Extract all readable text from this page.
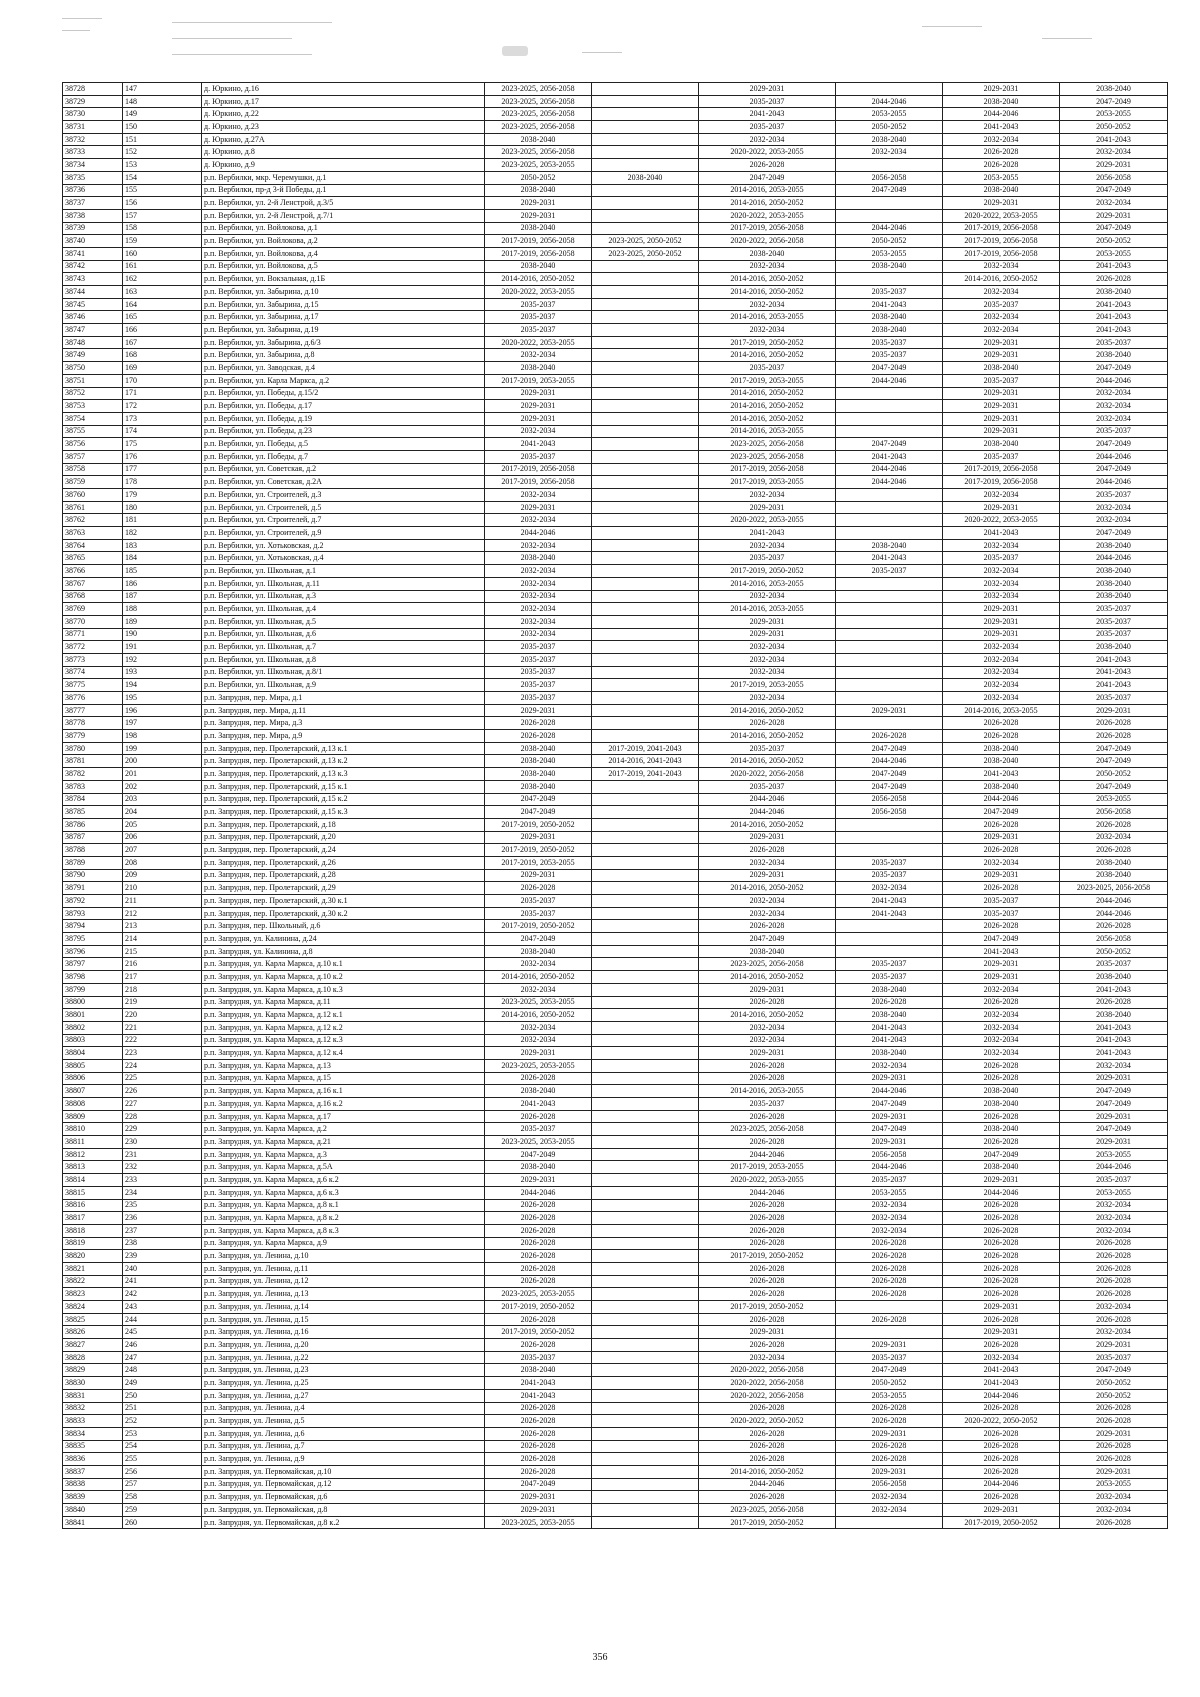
38728	147	д. Юркино, д.16	2023-2025, 2056-2058		2029-2031		2029-2031	2038-2040
38729	148	д. Юркино, д.17	2023-2025, 2056-2058		2035-2037	2044-2046	2038-2040	2047-2049
38730	149	д. Юркино, д.22	2023-2025, 2056-2058		2041-2043	2053-2055	2044-2046	2053-2055
38731	150	д. Юркино, д.23	2023-2025, 2056-2058		2035-2037	2050-2052	2041-2043	2050-2052
38732	151	д. Юркино, д.27А	2038-2040		2032-2034	2038-2040	2032-2034	2041-2043
38733	152	д. Юркино, д.8	2023-2025, 2056-2058		2020-2022, 2053-2055	2032-2034	2026-2028	2032-2034
38734	153	д. Юркино, д.9	2023-2025, 2053-2055		2026-2028		2026-2028	2029-2031
38735	154	р.п. Вербилки, мкр. Черемушки, д.1	2050-2052	2038-2040	2047-2049	2056-2058	2053-2055	2056-2058
38736	155	р.п. Вербилки, пр-д 3-й Победы, д.1	2038-2040		2014-2016, 2053-2055	2047-2049	2038-2040	2047-2049
38737	156	р.п. Вербилки, ул. 2-й Ленстрой, д.3/5	2029-2031		2014-2016, 2050-2052		2029-2031	2032-2034
38738	157	р.п. Вербилки, ул. 2-й Ленстрой, д.7/1	2029-2031		2020-2022, 2053-2055		2020-2022, 2053-2055	2029-2031
38739	158	р.п. Вербилки, ул. Войлокова, д.1	2038-2040		2017-2019, 2056-2058	2044-2046	2017-2019, 2056-2058	2047-2049
38740	159	р.п. Вербилки, ул. Войлокова, д.2	2017-2019, 2056-2058	2023-2025, 2050-2052	2020-2022, 2056-2058	2050-2052	2017-2019, 2056-2058	2050-2052
38741	160	р.п. Вербилки, ул. Войлокова, д.4	2017-2019, 2056-2058	2023-2025, 2050-2052	2038-2040	2053-2055	2017-2019, 2056-2058	2053-2055
38742	161	р.п. Вербилки, ул. Войлокова, д.5	2038-2040		2032-2034	2038-2040	2032-2034	2041-2043
38743	162	р.п. Вербилки, ул. Вокзальная, д.1Б	2014-2016, 2050-2052		2014-2016, 2050-2052		2014-2016, 2050-2052	2026-2028
38744	163	р.п. Вербилки, ул. Забырина, д.10	2020-2022, 2053-2055		2014-2016, 2050-2052	2035-2037	2032-2034	2038-2040
38745	164	р.п. Вербилки, ул. Забырина, д.15	2035-2037		2032-2034	2041-2043	2035-2037	2041-2043
38746	165	р.п. Вербилки, ул. Забырина, д.17	2035-2037		2014-2016, 2053-2055	2038-2040	2032-2034	2041-2043
38747	166	р.п. Вербилки, ул. Забырина, д.19	2035-2037		2032-2034	2038-2040	2032-2034	2041-2043
38748	167	р.п. Вербилки, ул. Забырина, д.6/3	2020-2022, 2053-2055		2017-2019, 2050-2052	2035-2037	2029-2031	2035-2037
38749	168	р.п. Вербилки, ул. Забырина, д.8	2032-2034		2014-2016, 2050-2052	2035-2037	2029-2031	2038-2040
38750	169	р.п. Вербилки, ул. Заводская, д.4	2038-2040		2035-2037	2047-2049	2038-2040	2047-2049
38751	170	р.п. Вербилки, ул. Карла Маркса, д.2	2017-2019, 2053-2055		2017-2019, 2053-2055	2044-2046	2035-2037	2044-2046
38752	171	р.п. Вербилки, ул. Победы, д.15/2	2029-2031		2014-2016, 2050-2052		2029-2031	2032-2034
38753	172	р.п. Вербилки, ул. Победы, д.17	2029-2031		2014-2016, 2050-2052		2029-2031	2032-2034
38754	173	р.п. Вербилки, ул. Победы, д.19	2029-2031		2014-2016, 2050-2052		2029-2031	2032-2034
38755	174	р.п. Вербилки, ул. Победы, д.23	2032-2034		2014-2016, 2053-2055		2029-2031	2035-2037
38756	175	р.п. Вербилки, ул. Победы, д.5	2041-2043		2023-2025, 2056-2058	2047-2049	2038-2040	2047-2049
38757	176	р.п. Вербилки, ул. Победы, д.7	2035-2037		2023-2025, 2056-2058	2041-2043	2035-2037	2044-2046
38758	177	р.п. Вербилки, ул. Советская, д.2	2017-2019, 2056-2058		2017-2019, 2056-2058	2044-2046	2017-2019, 2056-2058	2047-2049
38759	178	р.п. Вербилки, ул. Советская, д.2А	2017-2019, 2056-2058		2017-2019, 2053-2055	2044-2046	2017-2019, 2056-2058	2044-2046
38760	179	р.п. Вербилки, ул. Строителей, д.3	2032-2034		2032-2034		2032-2034	2035-2037
38761	180	р.п. Вербилки, ул. Строителей, д.5	2029-2031		2029-2031		2029-2031	2032-2034
38762	181	р.п. Вербилки, ул. Строителей, д.7	2032-2034		2020-2022, 2053-2055		2020-2022, 2053-2055	2032-2034
38763	182	р.п. Вербилки, ул. Строителей, д.9	2044-2046		2041-2043		2041-2043	2047-2049
38764	183	р.п. Вербилки, ул. Хотьковская, д.2	2032-2034		2032-2034	2038-2040	2032-2034	2038-2040
38765	184	р.п. Вербилки, ул. Хотьковская, д.4	2038-2040		2035-2037	2041-2043	2035-2037	2044-2046
38766	185	р.п. Вербилки, ул. Школьная, д.1	2032-2034		2017-2019, 2050-2052	2035-2037	2032-2034	2038-2040
38767	186	р.п. Вербилки, ул. Школьная, д.11	2032-2034		2014-2016, 2053-2055		2032-2034	2038-2040
38768	187	р.п. Вербилки, ул. Школьная, д.3	2032-2034		2032-2034		2032-2034	2038-2040
38769	188	р.п. Вербилки, ул. Школьная, д.4	2032-2034		2014-2016, 2053-2055		2029-2031	2035-2037
38770	189	р.п. Вербилки, ул. Школьная, д.5	2032-2034		2029-2031		2029-2031	2035-2037
38771	190	р.п. Вербилки, ул. Школьная, д.6	2032-2034		2029-2031		2029-2031	2035-2037
38772	191	р.п. Вербилки, ул. Школьная, д.7	2035-2037		2032-2034		2032-2034	2038-2040
38773	192	р.п. Вербилки, ул. Школьная, д.8	2035-2037		2032-2034		2032-2034	2041-2043
38774	193	р.п. Вербилки, ул. Школьная, д.8/1	2035-2037		2032-2034		2032-2034	2041-2043
38775	194	р.п. Вербилки, ул. Школьная, д.9	2035-2037		2017-2019, 2053-2055		2032-2034	2041-2043
38776	195	р.п. Запрудня, пер. Мира, д.1	2035-2037		2032-2034		2032-2034	2035-2037
38777	196	р.п. Запрудня, пер. Мира, д.11	2029-2031		2014-2016, 2050-2052	2029-2031	2014-2016, 2053-2055	2029-2031
38778	197	р.п. Запрудня, пер. Мира, д.3	2026-2028		2026-2028		2026-2028	2026-2028
38779	198	р.п. Запрудня, пер. Мира, д.9	2026-2028		2014-2016, 2050-2052	2026-2028	2026-2028	2026-2028
38780	199	р.п. Запрудня, пер. Пролетарский, д.13 к.1	2038-2040	2017-2019, 2041-2043	2035-2037	2047-2049	2038-2040	2047-2049
38781	200	р.п. Запрудня, пер. Пролетарский, д.13 к.2	2038-2040	2014-2016, 2041-2043	2014-2016, 2050-2052	2044-2046	2038-2040	2047-2049
38782	201	р.п. Запрудня, пер. Пролетарский, д.13 к.3	2038-2040	2017-2019, 2041-2043	2020-2022, 2056-2058	2047-2049	2041-2043	2050-2052
38783	202	р.п. Запрудня, пер. Пролетарский, д.15 к.1	2038-2040		2035-2037	2047-2049	2038-2040	2047-2049
38784	203	р.п. Запрудня, пер. Пролетарский, д.15 к.2	2047-2049		2044-2046	2056-2058	2044-2046	2053-2055
38785	204	р.п. Запрудня, пер. Пролетарский, д.15 к.3	2047-2049		2044-2046	2056-2058	2047-2049	2056-2058
38786	205	р.п. Запрудня, пер. Пролетарский, д.18	2017-2019, 2050-2052		2014-2016, 2050-2052		2026-2028	2026-2028
38787	206	р.п. Запрудня, пер. Пролетарский, д.20	2029-2031		2029-2031		2029-2031	2032-2034
38788	207	р.п. Запрудня, пер. Пролетарский, д.24	2017-2019, 2050-2052		2026-2028		2026-2028	2026-2028
38789	208	р.п. Запрудня, пер. Пролетарский, д.26	2017-2019, 2053-2055		2032-2034	2035-2037	2032-2034	2038-2040
38790	209	р.п. Запрудня, пер. Пролетарский, д.28	2029-2031		2029-2031	2035-2037	2029-2031	2038-2040
38791	210	р.п. Запрудня, пер. Пролетарский, д.29	2026-2028		2014-2016, 2050-2052	2032-2034	2026-2028	2023-2025, 2056-2058
38792	211	р.п. Запрудня, пер. Пролетарский, д.30 к.1	2035-2037		2032-2034	2041-2043	2035-2037	2044-2046
38793	212	р.п. Запрудня, пер. Пролетарский, д.30 к.2	2035-2037		2032-2034	2041-2043	2035-2037	2044-2046
38794	213	р.п. Запрудня, пер. Школьный, д.6	2017-2019, 2050-2052		2026-2028		2026-2028	2026-2028
38795	214	р.п. Запрудня, ул. Калинина, д.24	2047-2049		2047-2049		2047-2049	2056-2058
38796	215	р.п. Запрудня, ул. Калинина, д.8	2038-2040		2038-2040		2041-2043	2050-2052
38797	216	р.п. Запрудня, ул. Карла Маркса, д.10 к.1	2032-2034		2023-2025, 2056-2058	2035-2037	2029-2031	2035-2037
38798	217	р.п. Запрудня, ул. Карла Маркса, д.10 к.2	2014-2016, 2050-2052		2014-2016, 2050-2052	2035-2037	2029-2031	2038-2040
38799	218	р.п. Запрудня, ул. Карла Маркса, д.10 к.3	2032-2034		2029-2031	2038-2040	2032-2034	2041-2043
38800	219	р.п. Запрудня, ул. Карла Маркса, д.11	2023-2025, 2053-2055		2026-2028	2026-2028	2026-2028	2026-2028
38801	220	р.п. Запрудня, ул. Карла Маркса, д.12 к.1	2014-2016, 2050-2052		2014-2016, 2050-2052	2038-2040	2032-2034	2038-2040
38802	221	р.п. Запрудня, ул. Карла Маркса, д.12 к.2	2032-2034		2032-2034	2041-2043	2032-2034	2041-2043
38803	222	р.п. Запрудня, ул. Карла Маркса, д.12 к.3	2032-2034		2032-2034	2041-2043	2032-2034	2041-2043
38804	223	р.п. Запрудня, ул. Карла Маркса, д.12 к.4	2029-2031		2029-2031	2038-2040	2032-2034	2041-2043
38805	224	р.п. Запрудня, ул. Карла Маркса, д.13	2023-2025, 2053-2055		2026-2028	2032-2034	2026-2028	2032-2034
38806	225	р.п. Запрудня, ул. Карла Маркса, д.15	2026-2028		2026-2028	2029-2031	2026-2028	2029-2031
38807	226	р.п. Запрудня, ул. Карла Маркса, д.16 к.1	2038-2040		2014-2016, 2053-2055	2044-2046	2038-2040	2047-2049
38808	227	р.п. Запрудня, ул. Карла Маркса, д.16 к.2	2041-2043		2035-2037	2047-2049	2038-2040	2047-2049
38809	228	р.п. Запрудня, ул. Карла Маркса, д.17	2026-2028		2026-2028	2029-2031	2026-2028	2029-2031
38810	229	р.п. Запрудня, ул. Карла Маркса, д.2	2035-2037		2023-2025, 2056-2058	2047-2049	2038-2040	2047-2049
38811	230	р.п. Запрудня, ул. Карла Маркса, д.21	2023-2025, 2053-2055		2026-2028	2029-2031	2026-2028	2029-2031
38812	231	р.п. Запрудня, ул. Карла Маркса, д.3	2047-2049		2044-2046	2056-2058	2047-2049	2053-2055
38813	232	р.п. Запрудня, ул. Карла Маркса, д.5А	2038-2040		2017-2019, 2053-2055	2044-2046	2038-2040	2044-2046
38814	233	р.п. Запрудня, ул. Карла Маркса, д.6 к.2	2029-2031		2020-2022, 2053-2055	2035-2037	2029-2031	2035-2037
38815	234	р.п. Запрудня, ул. Карла Маркса, д.6 к.3	2044-2046		2044-2046	2053-2055	2044-2046	2053-2055
38816	235	р.п. Запрудня, ул. Карла Маркса, д.8 к.1	2026-2028		2026-2028	2032-2034	2026-2028	2032-2034
38817	236	р.п. Запрудня, ул. Карла Маркса, д.8 к.2	2026-2028		2026-2028	2032-2034	2026-2028	2032-2034
38818	237	р.п. Запрудня, ул. Карла Маркса, д.8 к.3	2026-2028		2026-2028	2032-2034	2026-2028	2032-2034
38819	238	р.п. Запрудня, ул. Карла Маркса, д.9	2026-2028		2026-2028	2026-2028	2026-2028	2026-2028
38820	239	р.п. Запрудня, ул. Ленина, д.10	2026-2028		2017-2019, 2050-2052	2026-2028	2026-2028	2026-2028
38821	240	р.п. Запрудня, ул. Ленина, д.11	2026-2028		2026-2028	2026-2028	2026-2028	2026-2028
38822	241	р.п. Запрудня, ул. Ленина, д.12	2026-2028		2026-2028	2026-2028	2026-2028	2026-2028
38823	242	р.п. Запрудня, ул. Ленина, д.13	2023-2025, 2053-2055		2026-2028	2026-2028	2026-2028	2026-2028
38824	243	р.п. Запрудня, ул. Ленина, д.14	2017-2019, 2050-2052		2017-2019, 2050-2052		2029-2031	2032-2034
38825	244	р.п. Запрудня, ул. Ленина, д.15	2026-2028		2026-2028	2026-2028	2026-2028	2026-2028
38826	245	р.п. Запрудня, ул. Ленина, д.16	2017-2019, 2050-2052		2029-2031		2029-2031	2032-2034
38827	246	р.п. Запрудня, ул. Ленина, д.20	2026-2028		2026-2028	2029-2031	2026-2028	2029-2031
38828	247	р.п. Запрудня, ул. Ленина, д.22	2035-2037		2032-2034	2035-2037	2032-2034	2035-2037
38829	248	р.п. Запрудня, ул. Ленина, д.23	2038-2040		2020-2022, 2056-2058	2047-2049	2041-2043	2047-2049
38830	249	р.п. Запрудня, ул. Ленина, д.25	2041-2043		2020-2022, 2056-2058	2050-2052	2041-2043	2050-2052
38831	250	р.п. Запрудня, ул. Ленина, д.27	2041-2043		2020-2022, 2056-2058	2053-2055	2044-2046	2050-2052
38832	251	р.п. Запрудня, ул. Ленина, д.4	2026-2028		2026-2028	2026-2028	2026-2028	2026-2028
38833	252	р.п. Запрудня, ул. Ленина, д.5	2026-2028		2020-2022, 2050-2052	2026-2028	2020-2022, 2050-2052	2026-2028
38834	253	р.п. Запрудня, ул. Ленина, д.6	2026-2028		2026-2028	2029-2031	2026-2028	2029-2031
38835	254	р.п. Запрудня, ул. Ленина, д.7	2026-2028		2026-2028	2026-2028	2026-2028	2026-2028
38836	255	р.п. Запрудня, ул. Ленина, д.9	2026-2028		2026-2028	2026-2028	2026-2028	2026-2028
38837	256	р.п. Запрудня, ул. Первомайская, д.10	2026-2028		2014-2016, 2050-2052	2029-2031	2026-2028	2029-2031
38838	257	р.п. Запрудня, ул. Первомайская, д.12	2047-2049		2044-2046	2056-2058	2044-2046	2053-2055
38839	258	р.п. Запрудня, ул. Первомайская, д.6	2029-2031		2026-2028	2032-2034	2026-2028	2032-2034
38840	259	р.п. Запрудня, ул. Первомайская, д.8	2029-2031		2023-2025, 2056-2058	2032-2034	2029-2031	2032-2034
38841	260	р.п. Запрудня, ул. Первомайская, д.8 к.2	2023-2025, 2053-2055		2017-2019, 2050-2052		2017-2019, 2050-2052	2026-2028
356
